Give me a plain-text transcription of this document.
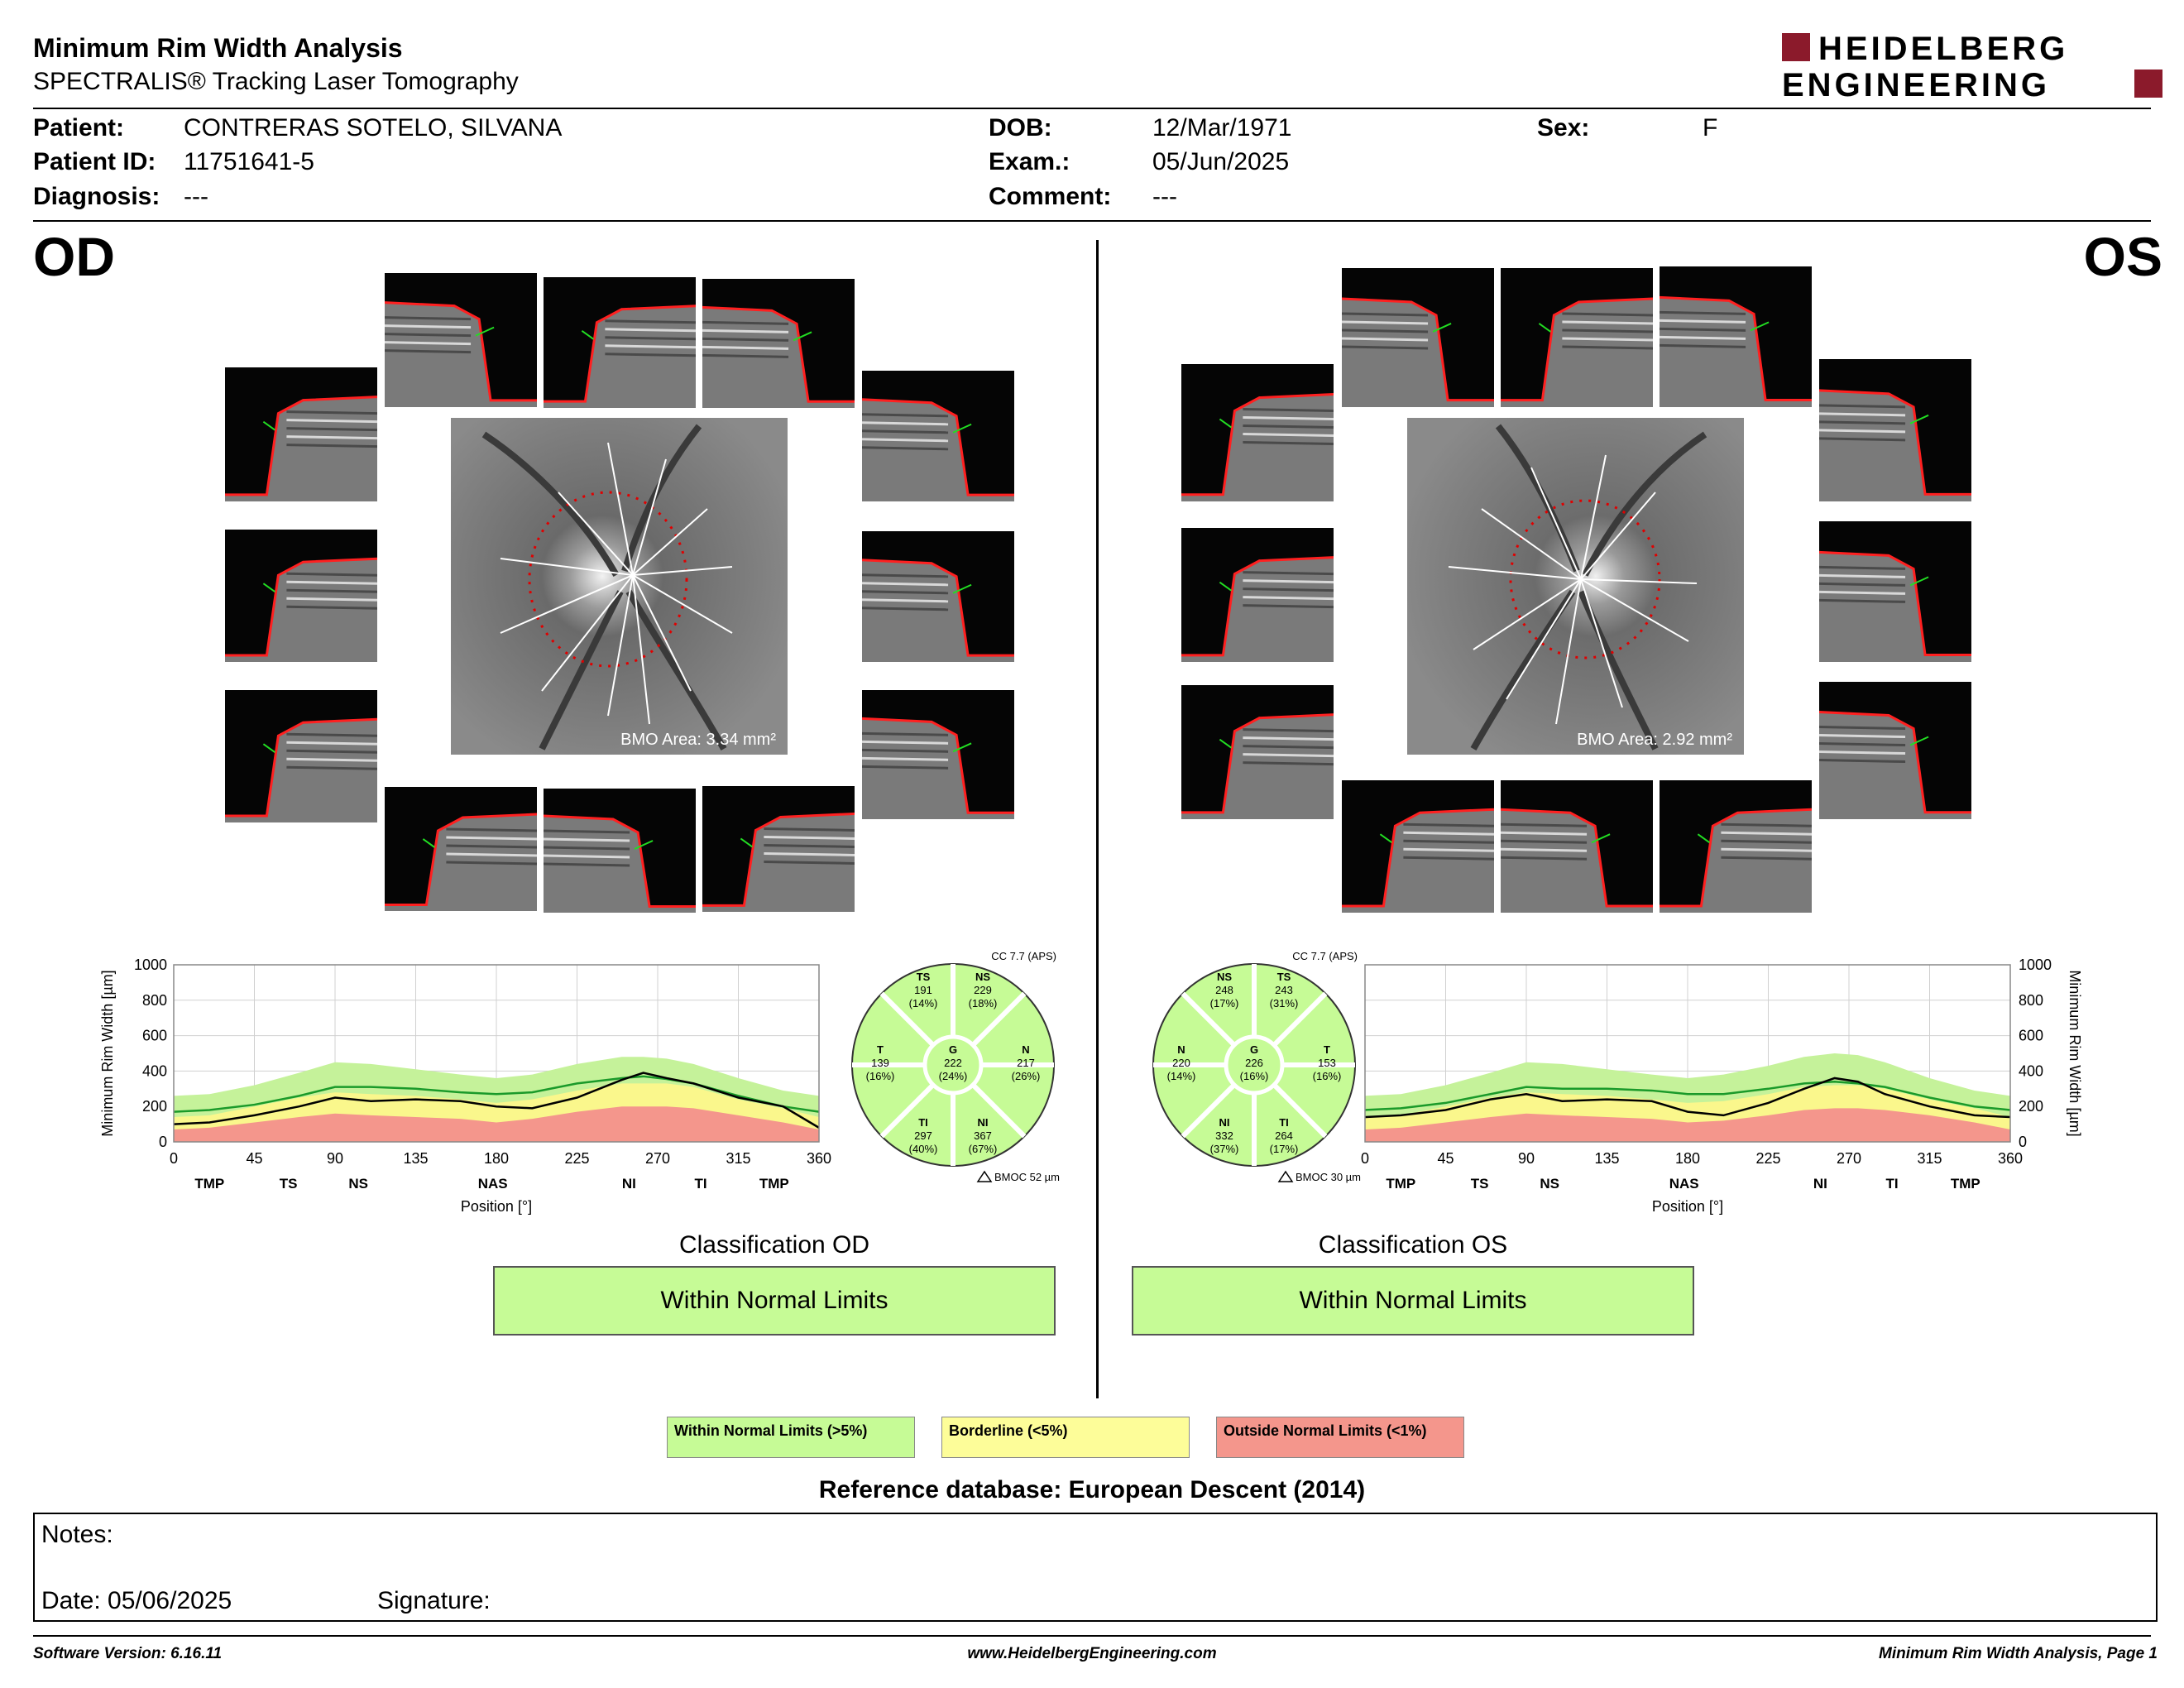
Minimum Rim Width Analysis
SPECTRALIS® Tracking Laser Tomography
HEIDELBERG
ENGINEERING
Patient: CONTRERAS SOTELO, SILVANA
Patient ID: 11751641-5
Diagnosis: ---
DOB:	12/Mar/1971
Exam.:	05/Jun/2025
Comment: ---
Sex:	F
OD	OS
BMO Area: 3.34 mm²	BMO Area: 2.92 mm²
0	45	90	135	180	225	270	315	360
0
200
400
600
800
1000
TMP	TS	NS	NAS	NI	TI	TMP
Position [°]
Minimum Rim Width [µm]
0	45	90	135	180	225	270	315	360
0
200
400
600
800
1000
TMP	TS	NS	NAS	NI	TI	TMP
Position [°]
Minimum Rim Width [µm]
TS
191
(14%)
NS
229
(18%)
T
139
(16%)
G
222
(24%)
N
217
(26%)
TI
297
(40%)
NI
367
(67%)
CC 7.7 (APS)
BMOC 52 µm
NS
248
(17%)
TS
243
(31%)
N
220
(14%)
G
226
(16%)
T
153
(16%)
NI
332
(37%)
TI
264
(17%)
CC 7.7 (APS)
BMOC 30 µm
Classification OD
Within Normal Limits
Classification OS
Within Normal Limits
Within Normal Limits (>5%)	Borderline (<5%)	Outside Normal Limits (<1%)
Reference database: European Descent (2014)
Notes:
Date: 05/06/2025	Signature:
Software Version: 6.16.11	www.HeidelbergEngineering.com	Minimum Rim Width Analysis, Page 1
